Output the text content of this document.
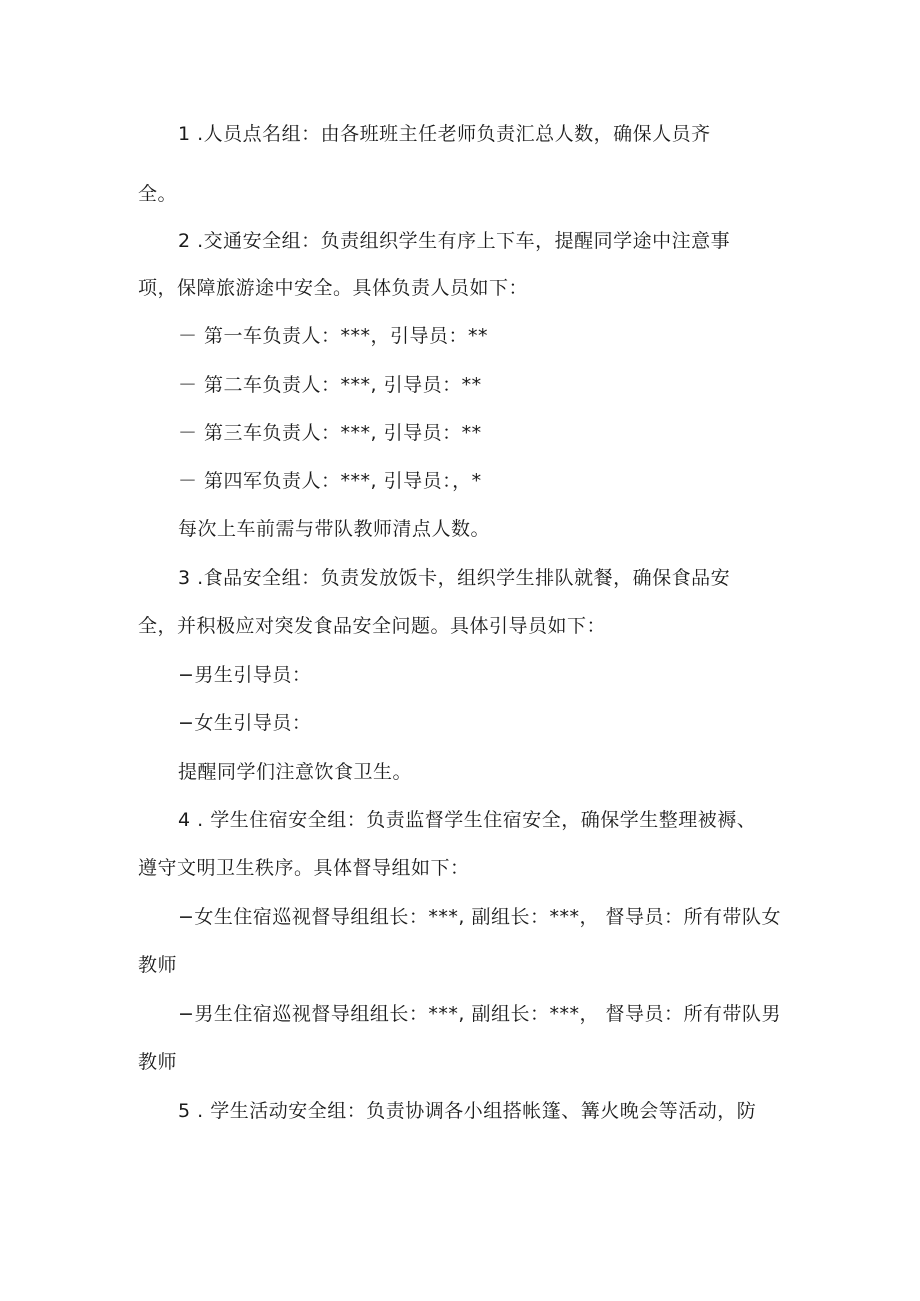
1 .人员点名组：由各班班主任老师负责汇总人数，确保人员齐
全。
2 .交通安全组：负责组织学生有序上下车，提醒同学途中注意事
项，保障旅游途中安全。具体负责人员如下：
－ 第一车负责人：***，引导员：**
－ 第二车负责人：***, 引导员：**
－ 第三车负责人：***, 引导员：**
－ 第四军负责人：***, 引导员：，*
每次上车前需与带队教师清点人数。
3 .食品安全组：负责发放饭卡，组织学生排队就餐，确保食品安
全，并积极应对突发食品安全问题。具体引导员如下：
−男生引导员：
−女生引导员：
提醒同学们注意饮食卫生。
4 . 学生住宿安全组：负责监督学生住宿安全，确保学生整理被褥、
遵守文明卫生秩序。具体督导组如下：
−女生住宿巡视督导组组长：***, 副组长：***， 督导员：所有带队女
教师
−男生住宿巡视督导组组长：***, 副组长：***， 督导员：所有带队男
教师
5 . 学生活动安全组：负责协调各小组搭帐篷、篝火晚会等活动，防
